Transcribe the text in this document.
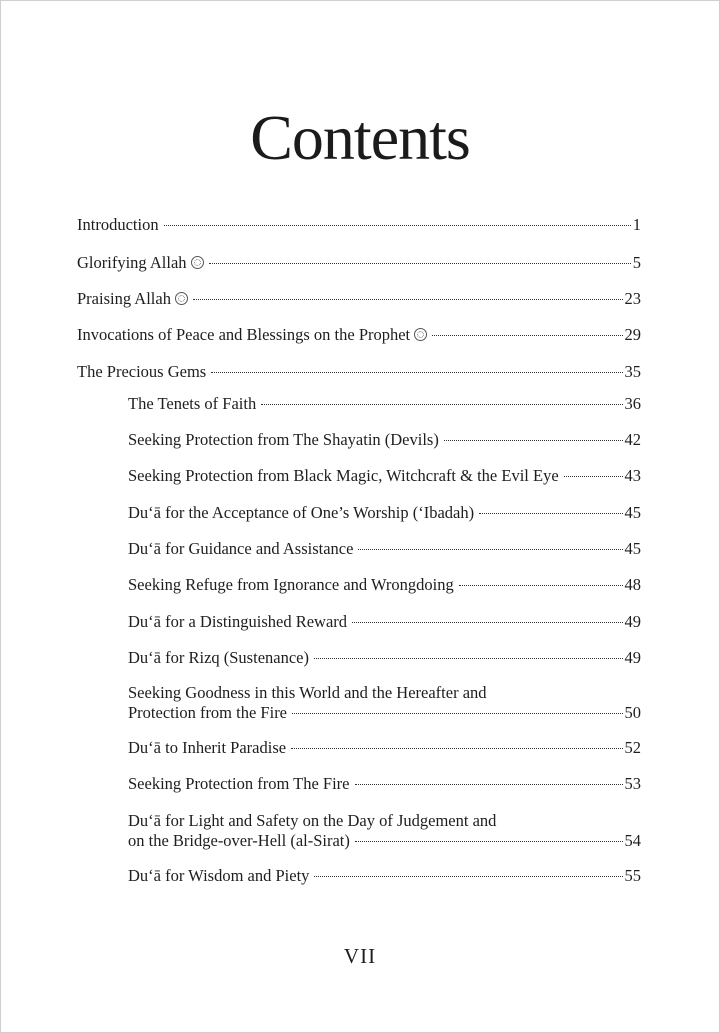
Contents
Introduction	1
Glorifying Allah	5
Praising Allah	23
Invocations of Peace and Blessings on the Prophet	29
The Precious Gems	35
The Tenets of Faith	36
Seeking Protection from The Shayatin (Devils)	42
Seeking Protection from Black Magic, Witchcraft & the Evil Eye	43
Du‘ā for the Acceptance of One’s Worship (‘Ibadah)	45
Du‘ā for Guidance and Assistance	45
Seeking Refuge from Ignorance and Wrongdoing	48
Du‘ā for a Distinguished Reward	49
Du‘ā for Rizq (Sustenance)	49
Seeking Goodness in this World and the Hereafter and
Protection from the Fire	50
Du‘ā to Inherit Paradise	52
Seeking Protection from The Fire	53
Du‘ā for Light and Safety on the Day of Judgement and
on the Bridge-over-Hell (al-Sirat)	54
Du‘ā for Wisdom and Piety	55
VII
